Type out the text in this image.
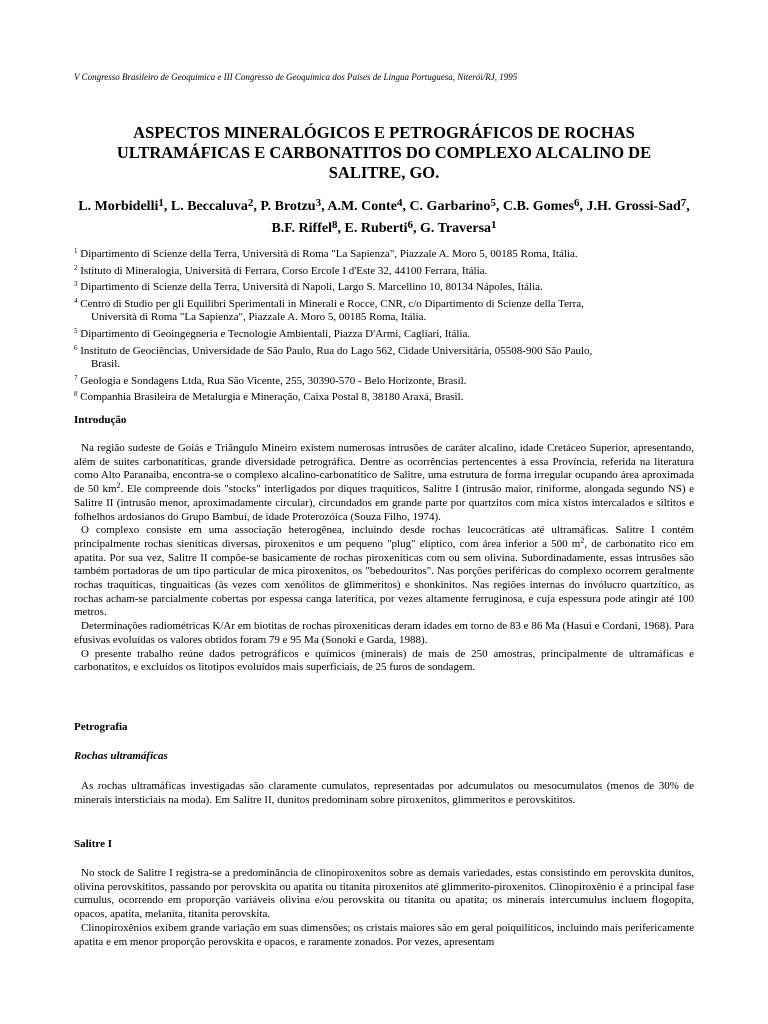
V Congresso Brasileiro de Geoquímica e III Congresso de Geoquímica dos Países de Língua Portuguesa, Niterói/RJ, 1995
ASPECTOS MINERALÓGICOS E PETROGRÁFICOS DE ROCHAS
ULTRAMÁFICAS E CARBONATITOS DO COMPLEXO ALCALINO DE
SALITRE, GO.
L. Morbidelli$^1$, L. Beccaluva$^2$, P. Brotzu$^3$, A.M. Conte$^4$, C. Garbarino$^5$, C.B. Gomes$^6$, J.H. Grossi-Sad$^7$, B.F. Riffel$^8$, E. Ruberti$^6$, G. Traversa$^1$
$^1$ Dipartimento di Scienze della Terra, Università di Roma "La Sapienza", Piazzale A. Moro 5, 00185 Roma, Itália.
$^2$ Istituto di Mineralogia, Università di Ferrara, Corso Ercole I d'Este 32, 44100 Ferrara, Itália.
$^3$ Dipartimento di Scienze della Terra, Università di Napoli, Largo S. Marcellino 10, 80134 Nápoles, Itália.
$^4$ Centro di Studio per gli Equilibri Sperimentali in Minerali e Rocce, CNR, c/o Dipartimento di Scienze della Terra,
Università di Roma "La Sapienza", Piazzale A. Moro 5, 00185 Roma, Itália.
$^5$ Dipartimento di Geoingegneria e Tecnologie Ambientali, Piazza D'Armi, Cagliari, Itália.
$^6$ Instituto de Geociências, Universidade de São Paulo, Rua do Lago 562, Cidade Universitária, 05508-900 São Paulo,
Brasil.
$^7$ Geologia e Sondagens Ltda, Rua São Vicente, 255, 30390-570 - Belo Horizonte, Brasil.
$^8$ Companhia Brasileira de Metalurgia e Mineração, Caixa Postal 8, 38180 Araxá, Brasil.
Introdução

Na região sudeste de Goiás e Triângulo Mineiro existem numerosas intrusões de caráter alcalino, idade Cretáceo Superior, apresentando, além de suites carbonatíticas, grande diversidade petrográfica. Dentre as ocorrências pertencentes à essa Província, referida na literatura como Alto Paranaiba, encontra-se o complexo alcalino-carbonatítico de Salitre, uma estrutura de forma irregular ocupando área aproximada de 50 $km^2$. Ele compreende dois "stocks" interligados por diques traquíticos, Salitre I (intrusão maior, riniforme, alongada segundo NS) e Salitre II (intrusão menor, aproximadamente circular), circundados em grande parte por quartzitos com mica xistos intercalados e siltitos e folhelhos ardosianos do Grupo Bambuí, de idade Proterozóica (Souza Filho, 1974).

O complexo consiste em uma associação heterogênea, incluindo desde rochas leucocráticas até ultramáficas. Salitre I contém principalmente rochas sieníticas diversas, piroxenitos e um pequeno "plug" elíptico, com área inferior a 500 $m^2$, de carbonatito rico em apatita. Por sua vez, Salitre II compõe-se basicamente de rochas piroxeníticas com ou sem olivina. Subordinadamente, essas intrusões são também portadoras de um tipo particular de mica piroxenitos, os "bebedouritos". Nas porções periféricas do complexo ocorrem geralmente rochas traquíticas, tinguaíticas (às vezes com xenólitos de glimmeritos) e shonkinitos. Nas regiões internas do invólucro quartzítico, as rochas acham-se parcialmente cobertas por espessa canga laterítica, por vezes altamente ferruginosa, e cuja espessura pode atingir até 100 metros.

Determinações radiométricas K/Ar em biotitas de rochas piroxeníticas deram idades em torno de 83 e 86 Ma (Hasui e Cordani, 1968). Para efusivas evoluídas os valores obtidos foram 79 e 95 Ma (Sonoki e Garda, 1988).

O presente trabalho reúne dados petrográficos e químicos (minerais) de mais de 250 amostras, principalmente de ultramáficas e carbonatitos, e excluídos os litotipos evoluídos mais superficiais, de 25 furos de sondagem.

Petrografia
Rochas ultramáficas

As rochas ultramáficas investigadas são claramente cumulatos, representadas por adcumulatos ou mesocumulatos (menos de 30% de minerais intersticiais na moda). Em Salitre II, dunitos predominam sobre piroxenitos, glimmeritos e perovskititos.

Salitre I

No stock de Salitre I registra-se a predominância de clinopiroxenitos sobre as demais variedades, estas consistindo em perovskita dunitos, olivina perovskititos, passando por perovskita ou apatita ou titanita piroxenitos até glimmerito-piroxenitos. Clinopiroxênio é a principal fase cumulus, ocorrendo em proporção variáveis olivina e/ou perovskita ou titanita ou apatita; os minerais intercumulus incluem flogopita, opacos, apatita, melanita, titanita perovskita.

Clinopiroxênios exibem grande variação em suas dimensões; os cristais maiores são em geral poiquilíticos, incluindo mais perifericamente apatita e em menor proporção perovskita e opacos, e raramente zonados. Por vezes, apresentam
